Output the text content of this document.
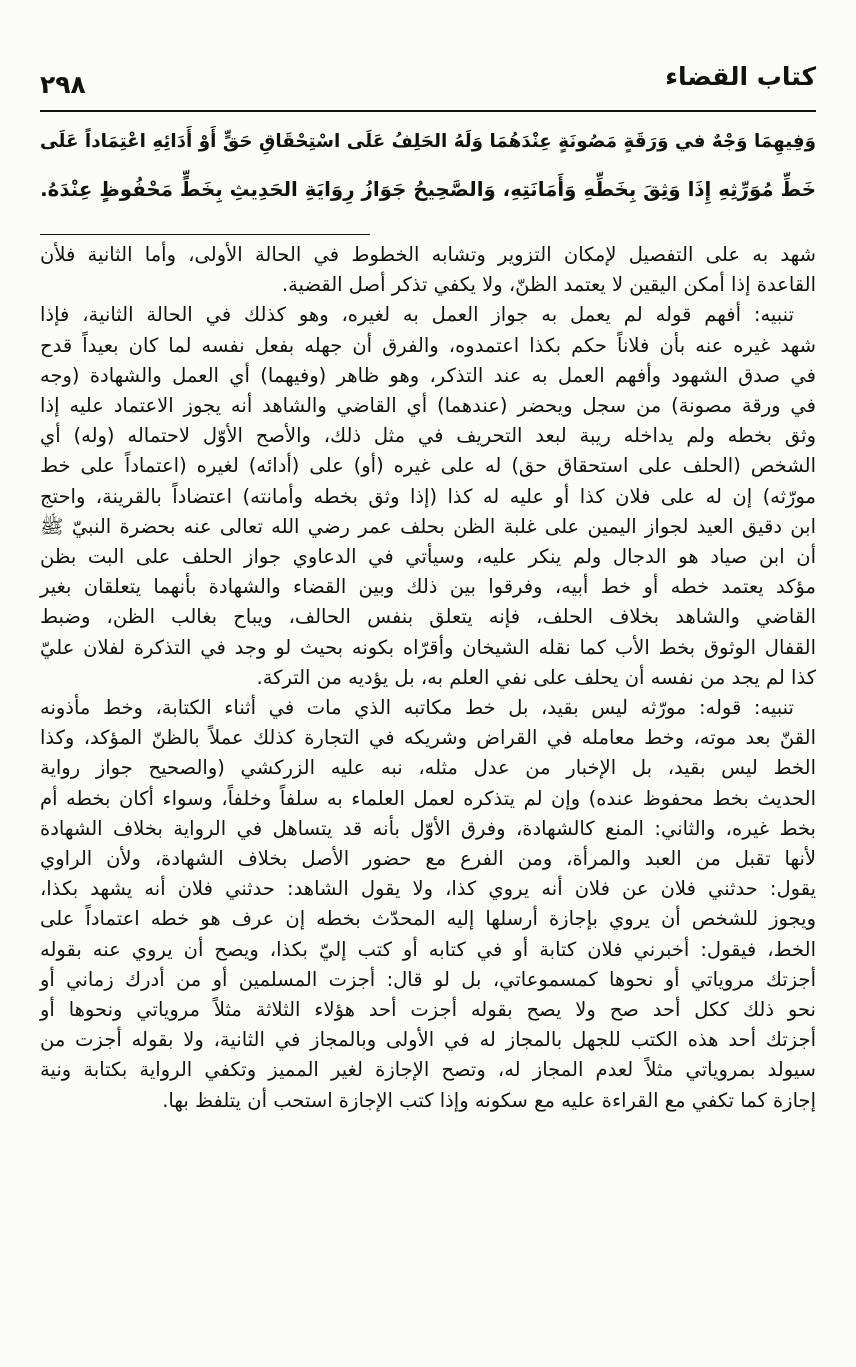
كتاب القضاء
٢٩٨
وَفِيهِمَا وَجْهٌ في وَرَقَةٍ مَصُونَةٍ عِنْدَهُمَا وَلَهُ الحَلِفُ عَلَى اسْتِحْقَاقِ حَقٍّ أَوْ أَدَائِهِ اعْتِمَاداً عَلَى
خَطِّ مُوَرِّثِهِ إِذَا وَثِقَ بِخَطِّهِ وَأَمَانَتِهِ، وَالصَّحِيحُ جَوَازُ رِوَايَةِ الحَدِيثِ بِخَطٍّ مَحْفُوظٍ عِنْدَهُ.

شهد به على التفصيل لإمكان التزوير وتشابه الخطوط في الحالة الأولى، وأما الثانية فلأن
القاعدة إذا أمكن اليقين لا يعتمد الظنّ، ولا يكفي تذكر أصل القضية.

تنبيه: أفهم قوله لم يعمل به جواز العمل به لغيره، وهو كذلك في الحالة الثانية، فإذا
شهد غيره عنه بأن فلاناً حكم بكذا اعتمدوه، والفرق أن جهله بفعل نفسه لما كان بعيداً قدح
في صدق الشهود وأفهم العمل به عند التذكر، وهو ظاهر (وفيهما) أي العمل والشهادة (وجه
في ورقة مصونة) من سجل ويحضر (عندهما) أي القاضي والشاهد أنه يجوز الاعتماد عليه إذا
وثق بخطه ولم يداخله ريبة لبعد التحريف في مثل ذلك، والأصح الأوّل لاحتماله (وله) أي
الشخص (الحلف على استحقاق حق) له على غيره (أو) على (أدائه) لغيره (اعتماداً على خط
مورّثه) إن له على فلان كذا أو عليه له كذا (إذا وثق بخطه وأمانته) اعتضاداً بالقرينة، واحتج
ابن دقيق العيد لجواز اليمين على غلبة الظن بحلف عمر رضي الله تعالى عنه بحضرة النبيّ ﷺ
أن ابن صياد هو الدجال ولم ينكر عليه، وسيأتي في الدعاوي جواز الحلف على البت بظن
مؤكد يعتمد خطه أو خط أبيه، وفرقوا بين ذلك وبين القضاء والشهادة بأنهما يتعلقان بغير
القاضي والشاهد بخلاف الحلف، فإنه يتعلق بنفس الحالف، ويباح بغالب الظن، وضبط
القفال الوثوق بخط الأب كما نقله الشيخان وأقرّاه بكونه بحيث لو وجد في التذكرة لفلان عليّ
كذا لم يجد من نفسه أن يحلف على نفي العلم به، بل يؤديه من التركة.

تنبيه: قوله: مورّثه ليس بقيد، بل خط مكاتبه الذي مات في أثناء الكتابة، وخط مأذونه
القنّ بعد موته، وخط معامله في القراض وشريكه في التجارة كذلك عملاً بالظنّ المؤكد، وكذا
الخط ليس بقيد، بل الإخبار من عدل مثله، نبه عليه الزركشي (والصحيح جواز رواية
الحديث بخط محفوظ عنده) وإن لم يتذكره لعمل العلماء به سلفاً وخلفاً، وسواء أكان بخطه أم
بخط غيره، والثاني: المنع كالشهادة، وفرق الأوّل بأنه قد يتساهل في الرواية بخلاف الشهادة
لأنها تقبل من العبد والمرأة، ومن الفرع مع حضور الأصل بخلاف الشهادة، ولأن الراوي
يقول: حدثني فلان عن فلان أنه يروي كذا، ولا يقول الشاهد: حدثني فلان أنه يشهد بكذا،
ويجوز للشخص أن يروي بإجازة أرسلها إليه المحدّث بخطه إن عرف هو خطه اعتماداً على
الخط، فيقول: أخبرني فلان كتابة أو في كتابه أو كتب إليّ بكذا، ويصح أن يروي عنه بقوله
أجزتك مروياتي أو نحوها كمسموعاتي، بل لو قال: أجزت المسلمين أو من أدرك زماني أو
نحو ذلك ككل أحد صح ولا يصح بقوله أجزت أحد هؤلاء الثلاثة مثلاً مروياتي ونحوها أو
أجزتك أحد هذه الكتب للجهل بالمجاز له في الأولى وبالمجاز في الثانية، ولا بقوله أجزت من
سيولد بمروياتي مثلاً لعدم المجاز له، وتصح الإجازة لغير المميز وتكفي الرواية بكتابة ونية
إجازة كما تكفي مع القراءة عليه مع سكونه وإذا كتب الإجازة استحب أن يتلفظ بها.
